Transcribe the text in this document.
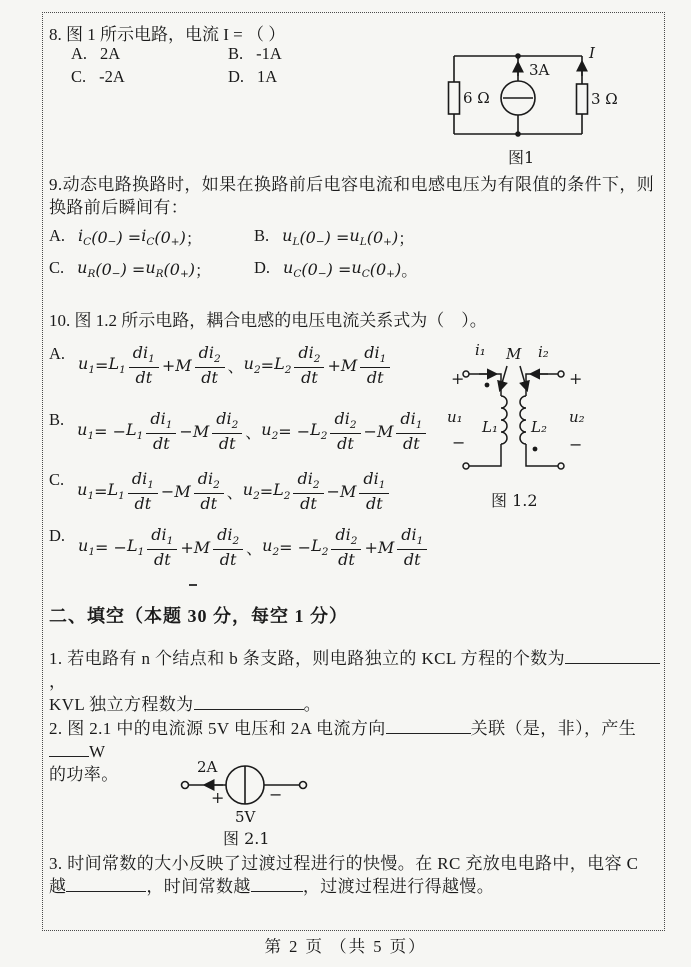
8. 图 1 所示电路，电流 I = （ ）
A. 2A	B. -1A
C. -2A	D. 1A
6 Ω
3A
I
3 Ω
图1
9.动态电路换路时，如果在换路前后电容电流和电感电压为有限值的条件下，则
换路前后瞬间有：
A. $i_C$ (0 $_-$ ) = $i_C$ (0 $_+$ ) ；	B. $u_L$ (0 $_-$ ) = $u_L$ (0 $_+$ ) ；
C. $u_R$ (0 $_-$ ) = $u_R$ (0 $_+$ ) ；	D. $u_C$ (0 $_-$ ) = $u_C$ (0 $_+$ ) 。
10. 图 1.2 所示电路，耦合电感的电压电流关系式为（　）。
A.
$u_1 = L_1 \frac{di_1}{dt} + M \frac{di_2}{dt}$ 、 $u_2 = L_2 \frac{di_2}{dt} + M \frac{di_1}{dt}$
B.
$u_1$ = − $L_1 \frac{di_1}{dt} - M \frac{di_2}{dt}$ 、 $u_2$ = − $L_2 \frac{di_2}{dt} - M \frac{di_1}{dt}$
C.
$u_1 = L_1 \frac{di_1}{dt} - M \frac{di_2}{dt}$ 、 $u_2 = L_2 \frac{di_2}{dt} - M \frac{di_1}{dt}$
D.
$u_1$ = − $L_1 \frac{di_1}{dt} + M \frac{di_2}{dt}$ 、 $u_2$ = − $L_2 \frac{di_2}{dt} + M \frac{di_1}{dt}$
i₁ M i₂
+	+
u₁	u₂
L₁ L₂
−	−
图 1.2
二、填空（本题 30 分，每空 1 分）
1. 若电路有 n 个结点和 b 条支路，则电路独立的 KCL 方程的个数为，
KVL 独立方程数为	。
2. 图 2.1 中的电流源 5V 电压和 2A 电流方向	关联（是，非），产生W
的功率。	2A
+	−
5V
图 2.1
3. 时间常数的大小反映了过渡过程进行的快慢。在 RC 充放电电路中，电容 C
越	，时间常数越	，过渡过程进行得越慢。
第 2 页 （共 5 页）
